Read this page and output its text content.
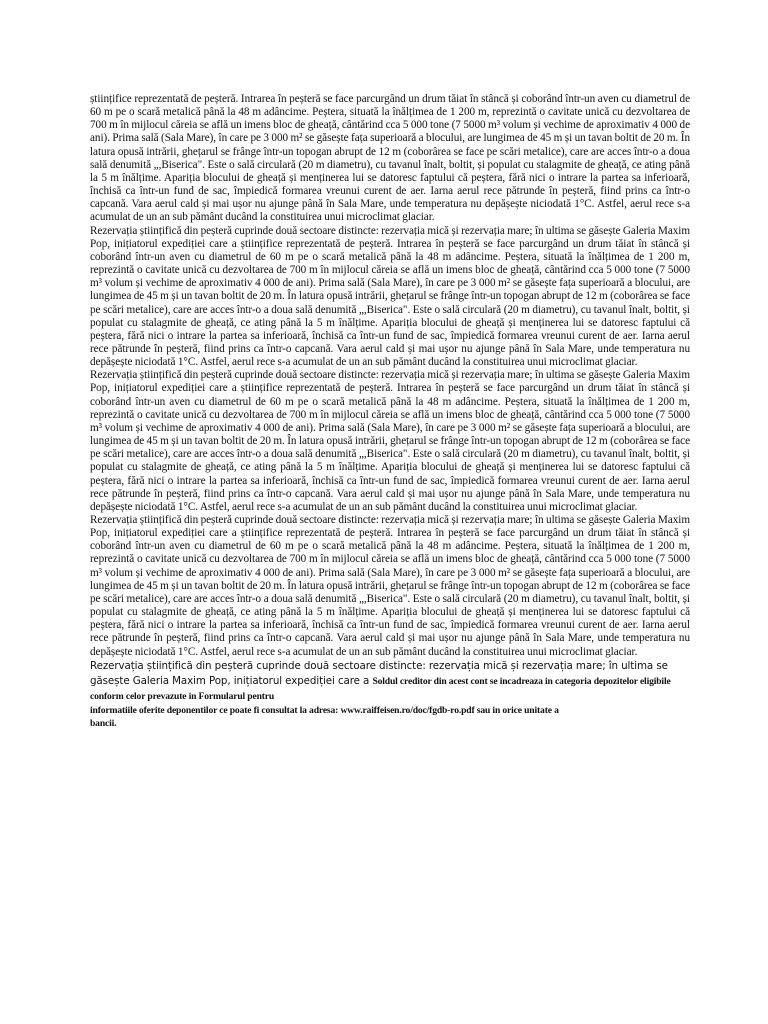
științifice reprezentată de peșteră. Intrarea în peșteră se face parcurgând un drum tăiat în stâncă și coborând într-un aven cu diametrul de 60 m pe o scară metalică până la 48 m adâncime. Peștera, situată la înălțimea de 1 200 m, reprezintă o cavitate unică cu dezvoltarea de 700 m în mijlocul căreia se află un imens bloc de gheață, cântărind cca 5 000 tone (7 5000 m³ volum și vechime de aproximativ 4 000 de ani). Prima sală (Sala Mare), în care pe 3 000 m² se găsește fața superioară a blocului, are lungimea de 45 m și un tavan boltit de 20 m. În latura opusă intrării, ghețarul se frânge într-un topogan abrupt de 12 m (coborârea se face pe scări metalice), care are acces într-o a doua sală denumită „,Biserica". Este o sală circulară (20 m diametru), cu tavanul înalt, boltit, și populat cu stalagmite de gheață, ce ating până la 5 m înălțime. Apariția blocului de gheață și menținerea lui se datoresc faptului că peștera, fără nici o intrare la partea sa inferioară, închisă ca într-un fund de sac, împiedică formarea vreunui curent de aer. Iarna aerul rece pătrunde în peșteră, fiind prins ca într-o capcană. Vara aerul cald și mai ușor nu ajunge până în Sala Mare, unde temperatura nu depășește niciodată 1°C. Astfel, aerul rece s-a acumulat de un an sub pământ ducând la constituirea unui microclimat glaciar.

Rezervația științifică din peșteră cuprinde două sectoare distincte: rezervația mică și rezervația mare; în ultima se găsește Galeria Maxim Pop, inițiatorul expediției care a științifice reprezentată de peșteră. Intrarea în peșteră se face parcurgând un drum tăiat în stâncă și coborând într-un aven cu diametrul de 60 m pe o scară metalică până la 48 m adâncime. Peștera, situată la înălțimea de 1 200 m, reprezintă o cavitate unică cu dezvoltarea de 700 m în mijlocul căreia se află un imens bloc de gheață, cântărind cca 5 000 tone (7 5000 m³ volum și vechime de aproximativ 4 000 de ani). Prima sală (Sala Mare), în care pe 3 000 m² se găsește fața superioară a blocului, are lungimea de 45 m și un tavan boltit de 20 m. În latura opusă intrării, ghețarul se frânge într-un topogan abrupt de 12 m (coborârea se face pe scări metalice), care are acces într-o a doua sală denumită „,Biserica". Este o sală circulară (20 m diametru), cu tavanul înalt, boltit, și populat cu stalagmite de gheață, ce ating până la 5 m înălțime. Apariția blocului de gheață și menținerea lui se datoresc faptului că peștera, fără nici o intrare la partea sa inferioară, închisă ca într-un fund de sac, împiedică formarea vreunui curent de aer. Iarna aerul rece pătrunde în peșteră, fiind prins ca într-o capcană. Vara aerul cald și mai ușor nu ajunge până în Sala Mare, unde temperatura nu depășește niciodată 1°C. Astfel, aerul rece s-a acumulat de un an sub pământ ducând la constituirea unui microclimat glaciar.

Rezervația științifică din peșteră cuprinde două sectoare distincte: rezervația mică și rezervația mare; în ultima se găsește Galeria Maxim Pop, inițiatorul expediției care a științifice reprezentată de peșteră. Intrarea în peșteră se face parcurgând un drum tăiat în stâncă și coborând într-un aven cu diametrul de 60 m pe o scară metalică până la 48 m adâncime. Peștera, situată la înălțimea de 1 200 m, reprezintă o cavitate unică cu dezvoltarea de 700 m în mijlocul căreia se află un imens bloc de gheață, cântărind cca 5 000 tone (7 5000 m³ volum și vechime de aproximativ 4 000 de ani). Prima sală (Sala Mare), în care pe 3 000 m² se găsește fața superioară a blocului, are lungimea de 45 m și un tavan boltit de 20 m. În latura opusă intrării, ghețarul se frânge într-un topogan abrupt de 12 m (coborârea se face pe scări metalice), care are acces într-o a doua sală denumită „,Biserica". Este o sală circulară (20 m diametru), cu tavanul înalt, boltit, și populat cu stalagmite de gheață, ce ating până la 5 m înălțime. Apariția blocului de gheață și menținerea lui se datoresc faptului că peștera, fără nici o intrare la partea sa inferioară, închisă ca într-un fund de sac, împiedică formarea vreunui curent de aer. Iarna aerul rece pătrunde în peșteră, fiind prins ca într-o capcană. Vara aerul cald și mai ușor nu ajunge până în Sala Mare, unde temperatura nu depășește niciodată 1°C. Astfel, aerul rece s-a acumulat de un an sub pământ ducând la constituirea unui microclimat glaciar.

Rezervația științifică din peșteră cuprinde două sectoare distincte: rezervația mică și rezervația mare; în ultima se găsește Galeria Maxim Pop, inițiatorul expediției care a științifice reprezentată de peșteră. Intrarea în peșteră se face parcurgând un drum tăiat în stâncă și coborând într-un aven cu diametrul de 60 m pe o scară metalică până la 48 m adâncime. Peștera, situată la înălțimea de 1 200 m, reprezintă o cavitate unică cu dezvoltarea de 700 m în mijlocul căreia se află un imens bloc de gheață, cântărind cca 5 000 tone (7 5000 m³ volum și vechime de aproximativ 4 000 de ani). Prima sală (Sala Mare), în care pe 3 000 m² se găsește fața superioară a blocului, are lungimea de 45 m și un tavan boltit de 20 m. În latura opusă intrării, ghețarul se frânge într-un topogan abrupt de 12 m (coborârea se face pe scări metalice), care are acces într-o a doua sală denumită „,Biserica". Este o sală circulară (20 m diametru), cu tavanul înalt, boltit, și populat cu stalagmite de gheață, ce ating până la 5 m înălțime. Apariția blocului de gheață și menținerea lui se datoresc faptului că peștera, fără nici o intrare la partea sa inferioară, închisă ca într-un fund de sac, împiedică formarea vreunui curent de aer. Iarna aerul rece pătrunde în peșteră, fiind prins ca într-o capcană. Vara aerul cald și mai ușor nu ajunge până în Sala Mare, unde temperatura nu depășește niciodată 1°C. Astfel, aerul rece s-a acumulat de un an sub pământ ducând la constituirea unui microclimat glaciar.

Rezervația științifică din peșteră cuprinde două sectoare distincte: rezervația mică și rezervația mare; în ultima se găsește Galeria Maxim Pop, inițiatorul expediției care a Soldul creditor din acest cont se incadreaza in categoria depozitelor eligibile conform celor prevazute in Formularul pentru

informatiile oferite deponentilor ce poate fi consultat la adresa: www.raiffeisen.ro/doc/fgdb-ro.pdf sau in orice unitate a

bancii.
